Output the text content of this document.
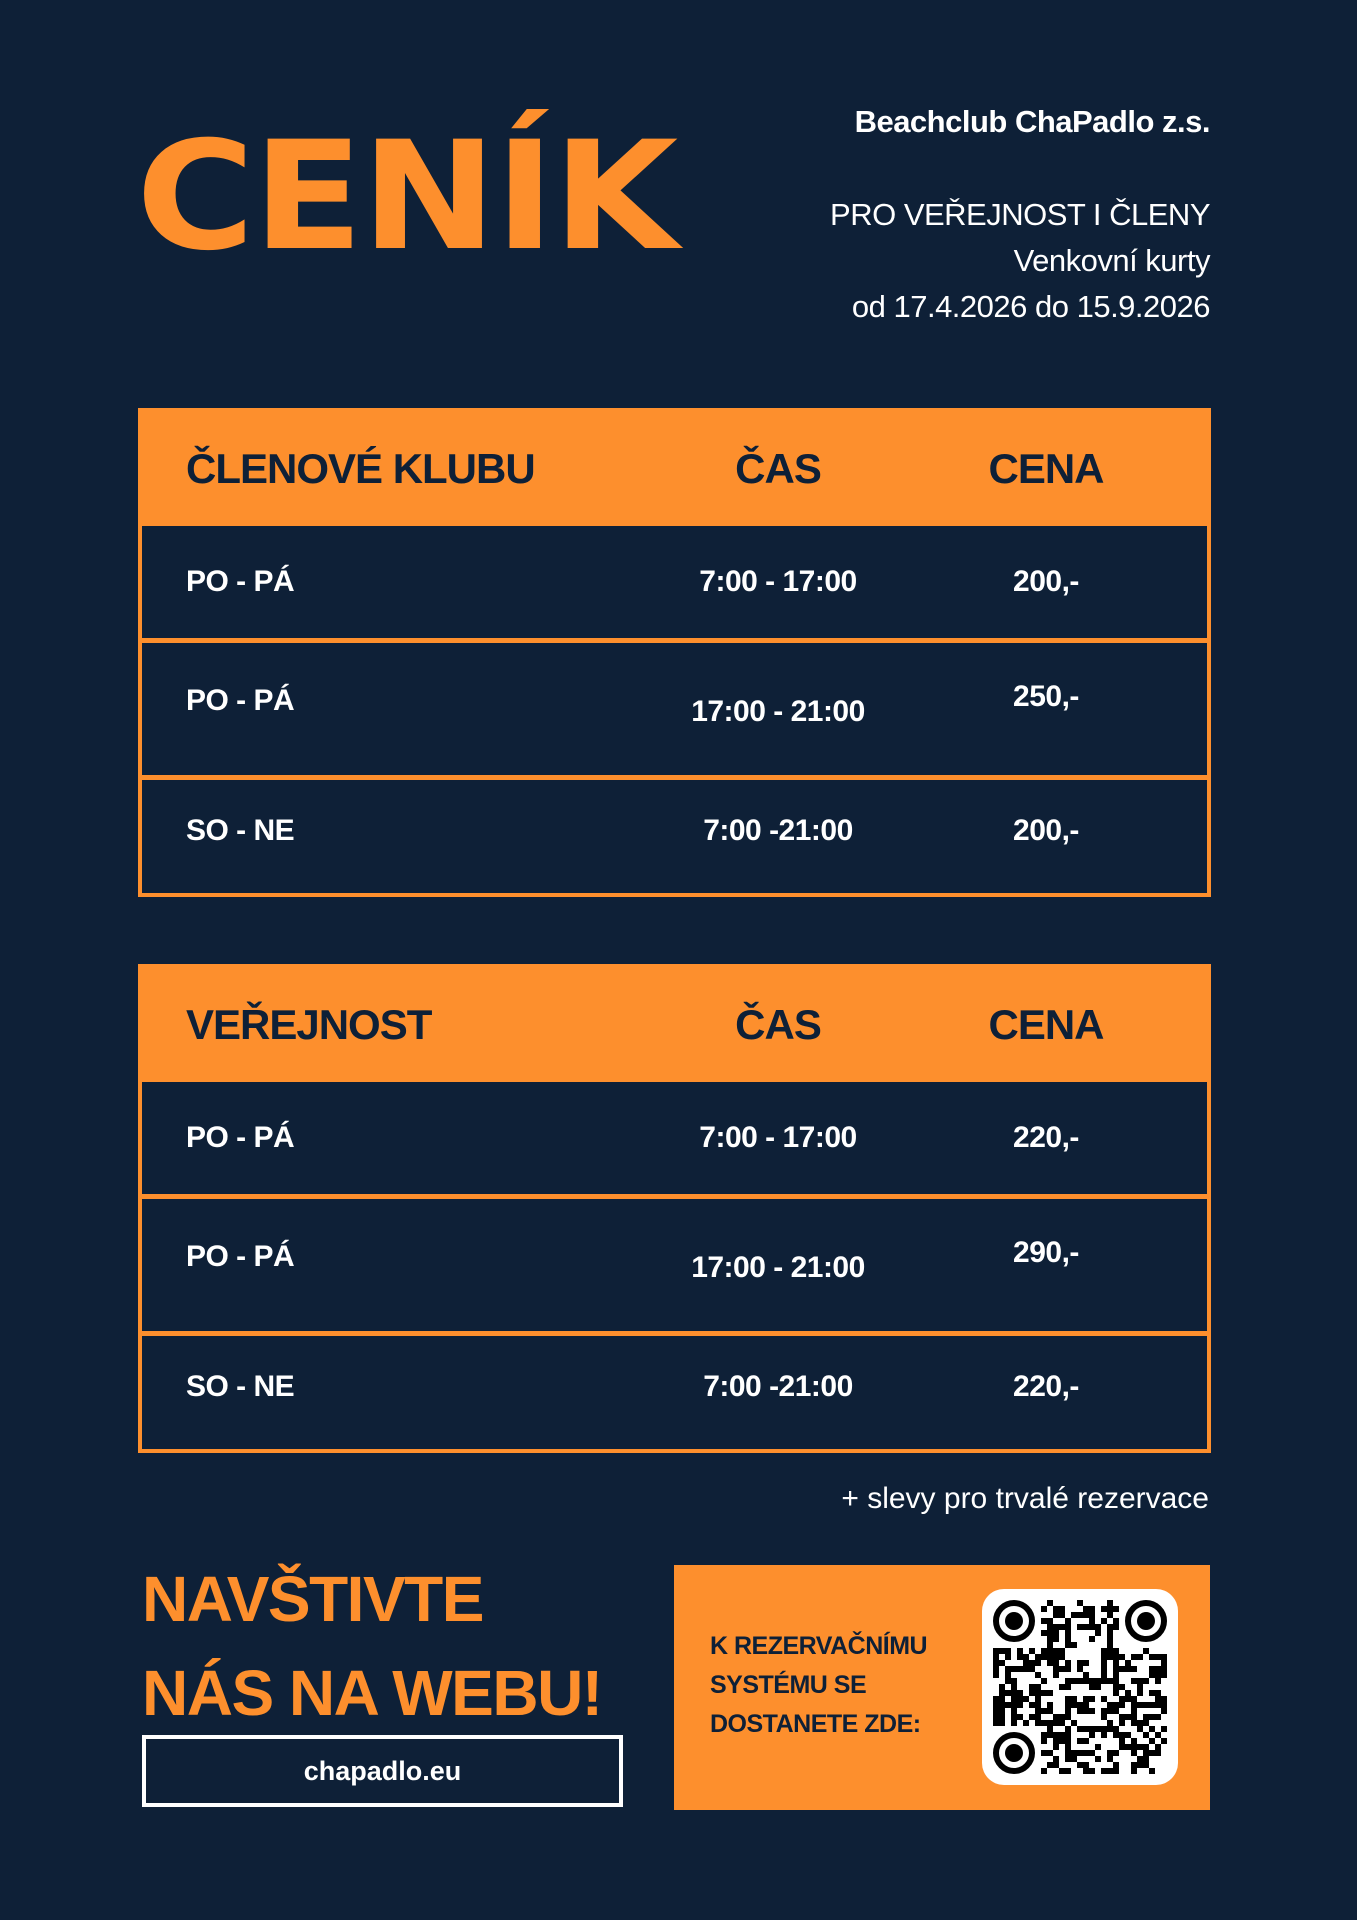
CENÍK	Beachclub ChaPadlo z.s.
PRO VEŘEJNOST I ČLENY
Venkovní kurty
od 17.4.2026 do 15.9.2026
ČLENOVÉ KLUBU	ČAS	CENA
PO - PÁ	7:00 - 17:00	200,-
PO - PÁ	17:00 - 21:00	250,-
SO - NE	7:00 -21:00	200,-
VEŘEJNOST	ČAS	CENA
PO - PÁ	7:00 - 17:00	220,-
PO - PÁ	17:00 - 21:00	290,-
SO - NE	7:00 -21:00	220,-
+ slevy pro trvalé rezervace
NAVŠTIVTE
NÁS NA WEBU!
chapadlo.eu
K REZERVAČNÍMU
SYSTÉMU SE
DOSTANETE ZDE:
